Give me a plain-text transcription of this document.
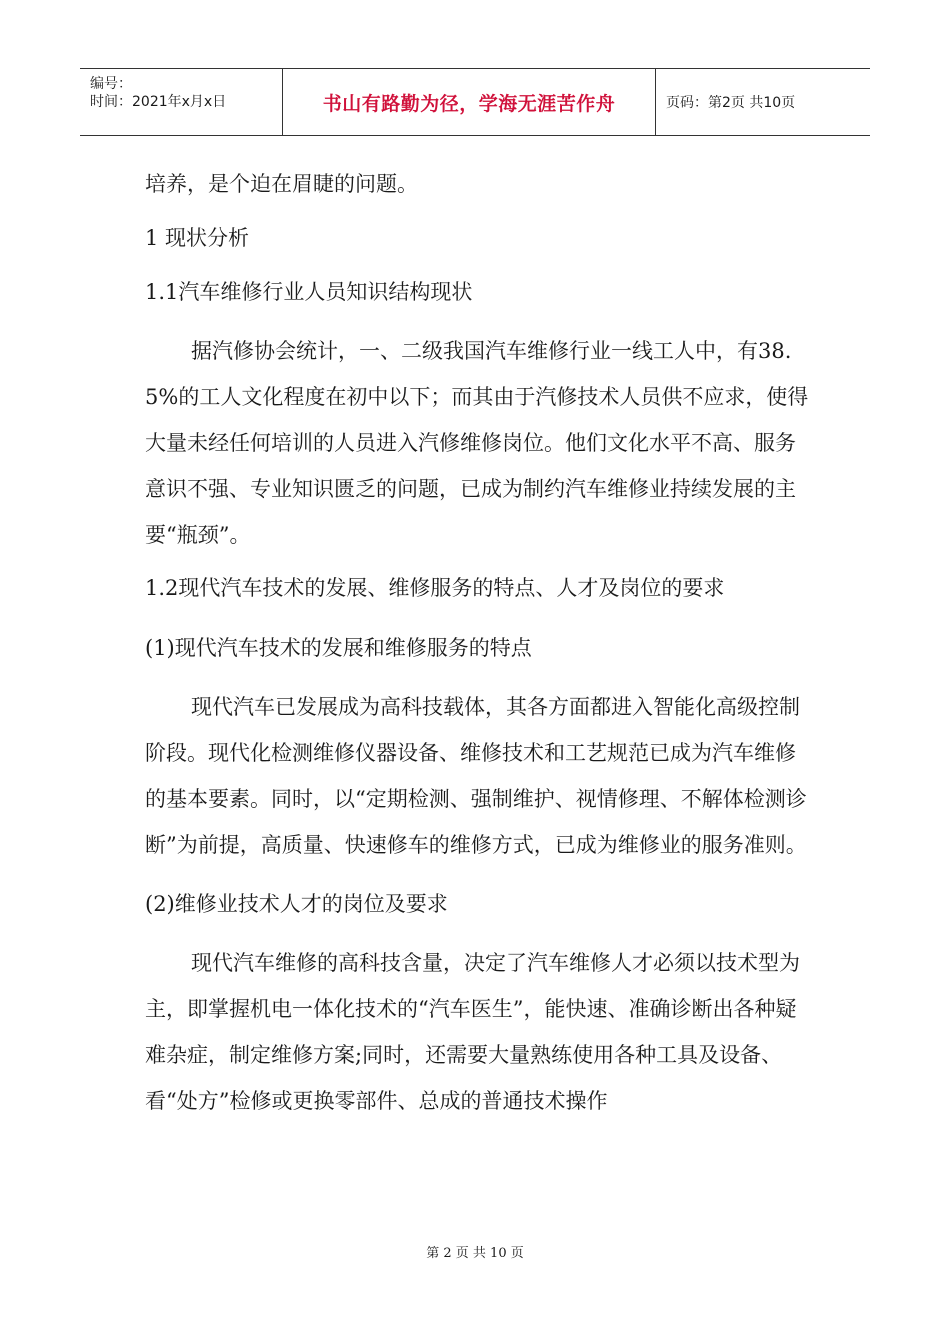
编号：
时间：2021年x月x日	书山有路勤为径，学海无涯苦作舟	页码：第2页 共10页

培养，是个迫在眉睫的问题。

1 现状分析

1.1汽车维修行业人员知识结构现状

据汽修协会统计，一、二级我国汽车维修行业一线工人中，有38.5%的工人文化程度在初中以下；而其由于汽修技术人员供不应求，使得大量未经任何培训的人员进入汽修维修岗位。他们文化水平不高、服务意识不强、专业知识匮乏的问题，已成为制约汽车维修业持续发展的主要“瓶颈”。

1.2现代汽车技术的发展、维修服务的特点、人才及岗位的要求

(1)现代汽车技术的发展和维修服务的特点

现代汽车已发展成为高科技载体，其各方面都进入智能化高级控制阶段。现代化检测维修仪器设备、维修技术和工艺规范已成为汽车维修的基本要素。同时，以“定期检测、强制维护、视情修理、不解体检测诊断”为前提，高质量、快速修车的维修方式，已成为维修业的服务准则。

(2)维修业技术人才的岗位及要求

现代汽车维修的高科技含量，决定了汽车维修人才必须以技术型为主，即掌握机电一体化技术的“汽车医生”，能快速、准确诊断出各种疑难杂症，制定维修方案;同时，还需要大量熟练使用各种工具及设备、看“处方”检修或更换零部件、总成的普通技术操作

第 2 页 共 10 页
